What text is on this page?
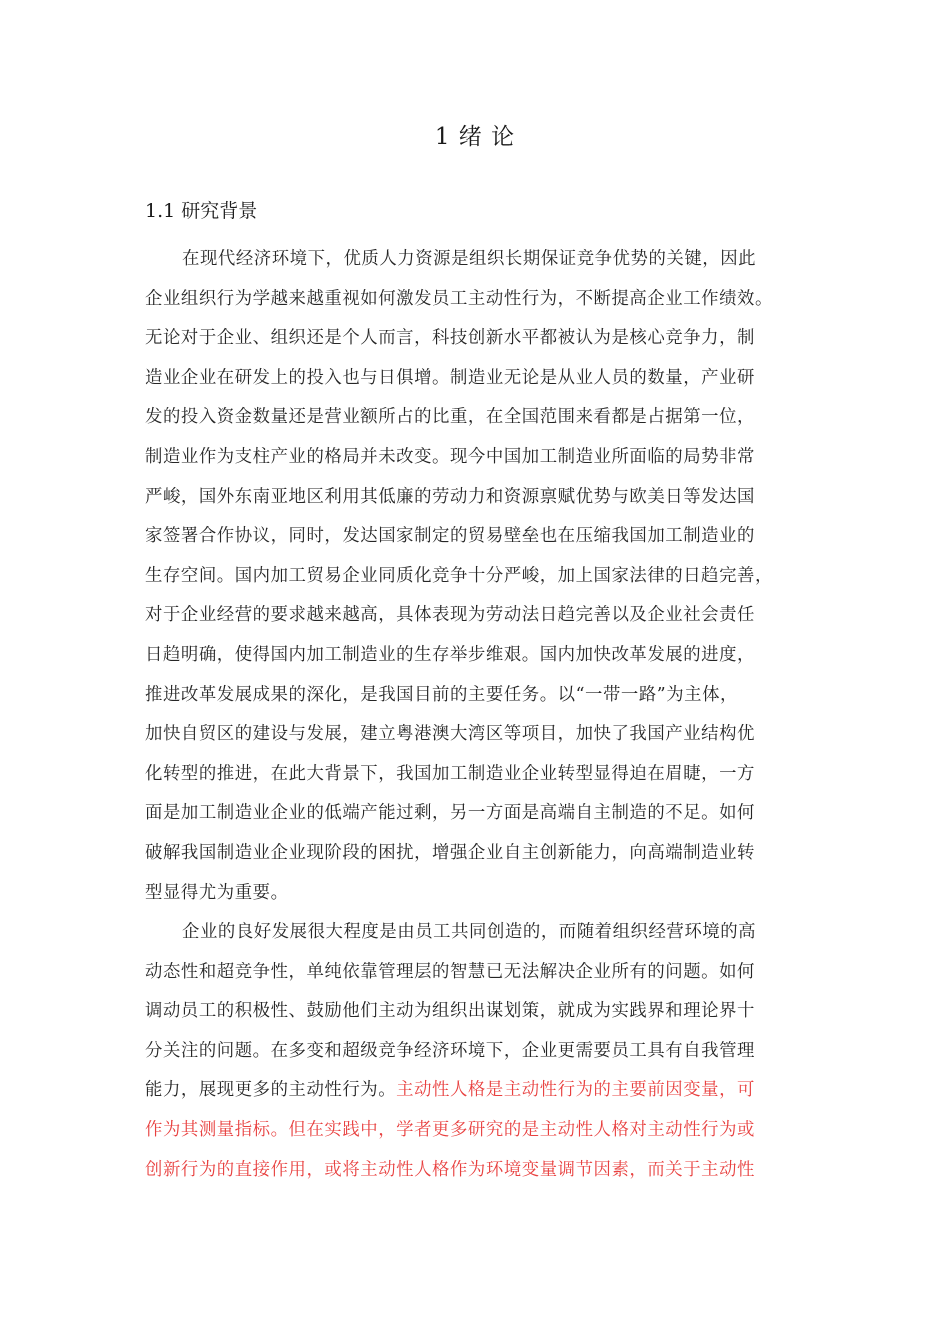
1 绪 论
1.1 研究背景
在现代经济环境下，优质人力资源是组织长期保证竞争优势的关键，因此
企业组织行为学越来越重视如何激发员工主动性行为，不断提高企业工作绩效。
无论对于企业、组织还是个人而言，科技创新水平都被认为是核心竞争力，制
造业企业在研发上的投入也与日俱增。制造业无论是从业人员的数量，产业研
发的投入资金数量还是营业额所占的比重，在全国范围来看都是占据第一位，
制造业作为支柱产业的格局并未改变。现今中国加工制造业所面临的局势非常
严峻，国外东南亚地区利用其低廉的劳动力和资源禀赋优势与欧美日等发达国
家签署合作协议，同时，发达国家制定的贸易壁垒也在压缩我国加工制造业的
生存空间。国内加工贸易企业同质化竞争十分严峻，加上国家法律的日趋完善，
对于企业经营的要求越来越高，具体表现为劳动法日趋完善以及企业社会责任
日趋明确，使得国内加工制造业的生存举步维艰。国内加快改革发展的进度，
推进改革发展成果的深化，是我国目前的主要任务。以“一带一路”为主体，
加快自贸区的建设与发展，建立粤港澳大湾区等项目，加快了我国产业结构优
化转型的推进，在此大背景下，我国加工制造业企业转型显得迫在眉睫，一方
面是加工制造业企业的低端产能过剩，另一方面是高端自主制造的不足。如何
破解我国制造业企业现阶段的困扰，增强企业自主创新能力，向高端制造业转
型显得尤为重要。
企业的良好发展很大程度是由员工共同创造的，而随着组织经营环境的高
动态性和超竞争性，单纯依靠管理层的智慧已无法解决企业所有的问题。如何
调动员工的积极性、鼓励他们主动为组织出谋划策，就成为实践界和理论界十
分关注的问题。在多变和超级竞争经济环境下，企业更需要员工具有自我管理
能力，展现更多的主动性行为。主动性人格是主动性行为的主要前因变量，可
作为其测量指标。但在实践中，学者更多研究的是主动性人格对主动性行为或
创新行为的直接作用，或将主动性人格作为环境变量调节因素，而关于主动性
